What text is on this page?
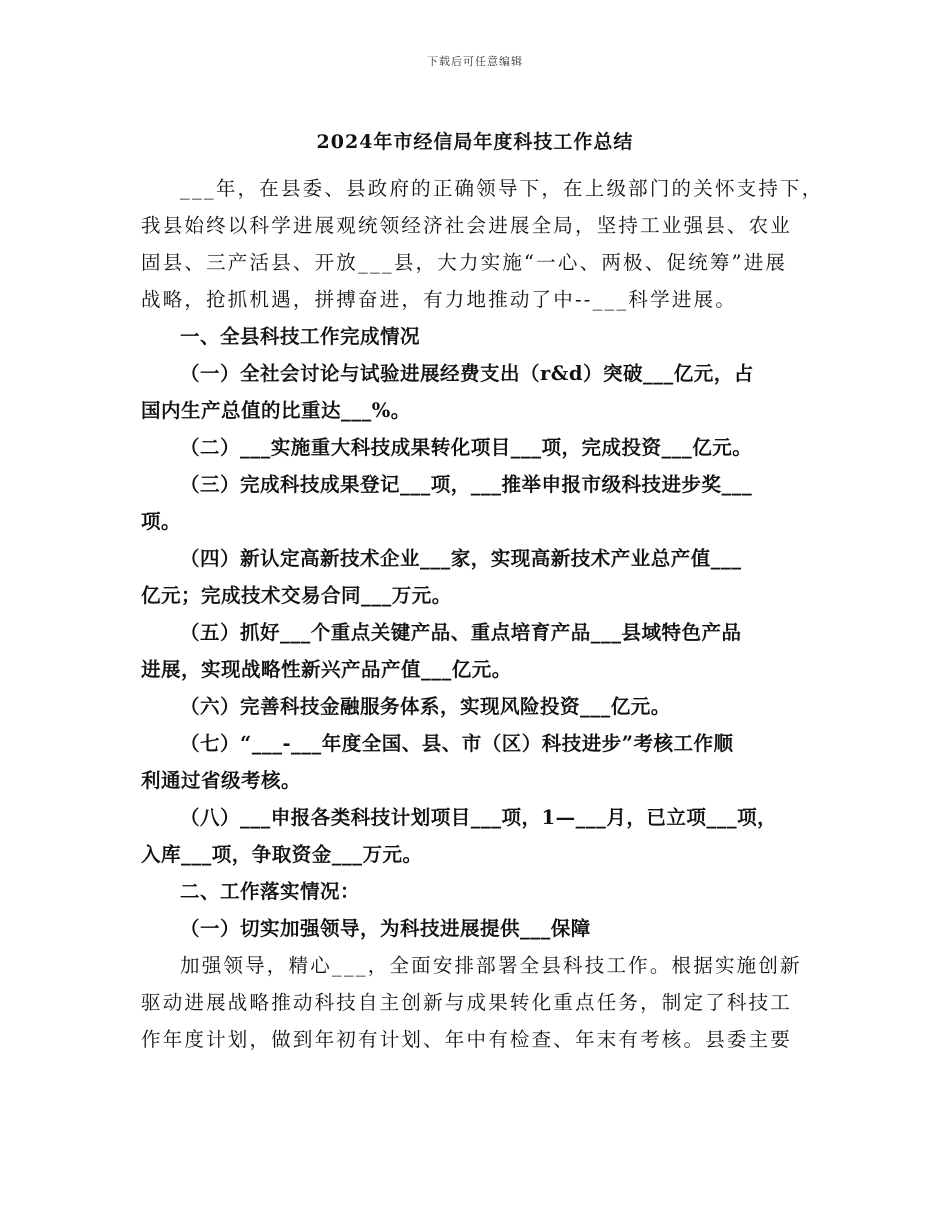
下载后可任意编辑
2024年市经信局年度科技工作总结
___年，在县委、县政府的正确领导下，在上级部门的关怀支持下，
我县始终以科学进展观统领经济社会进展全局，坚持工业强县、农业
固县、三产活县、开放___县，大力实施“一心、两极、促统筹”进展
战略，抢抓机遇，拼搏奋进，有力地推动了中--___科学进展。
一、全县科技工作完成情况
（一）全社会讨论与试验进展经费支出（r&d）突破___亿元，占
国内生产总值的比重达___%。
（二）___实施重大科技成果转化项目___项，完成投资___亿元。
（三）完成科技成果登记___项，___推举申报市级科技进步奖___
项。
（四）新认定高新技术企业___家，实现高新技术产业总产值___
亿元；完成技术交易合同___万元。
（五）抓好___个重点关键产品、重点培育产品___县域特色产品
进展，实现战略性新兴产品产值___亿元。
（六）完善科技金融服务体系，实现风险投资___亿元。
（七）“___-___年度全国、县、市（区）科技进步”考核工作顺
利通过省级考核。
（八）___申报各类科技计划项目___项，1—___月，已立项___项，
入库___项，争取资金___万元。
二、工作落实情况：
（一）切实加强领导，为科技进展提供___保障
加强领导，精心___，全面安排部署全县科技工作。根据实施创新
驱动进展战略推动科技自主创新与成果转化重点任务，制定了科技工
作年度计划，做到年初有计划、年中有检查、年末有考核。县委主要
